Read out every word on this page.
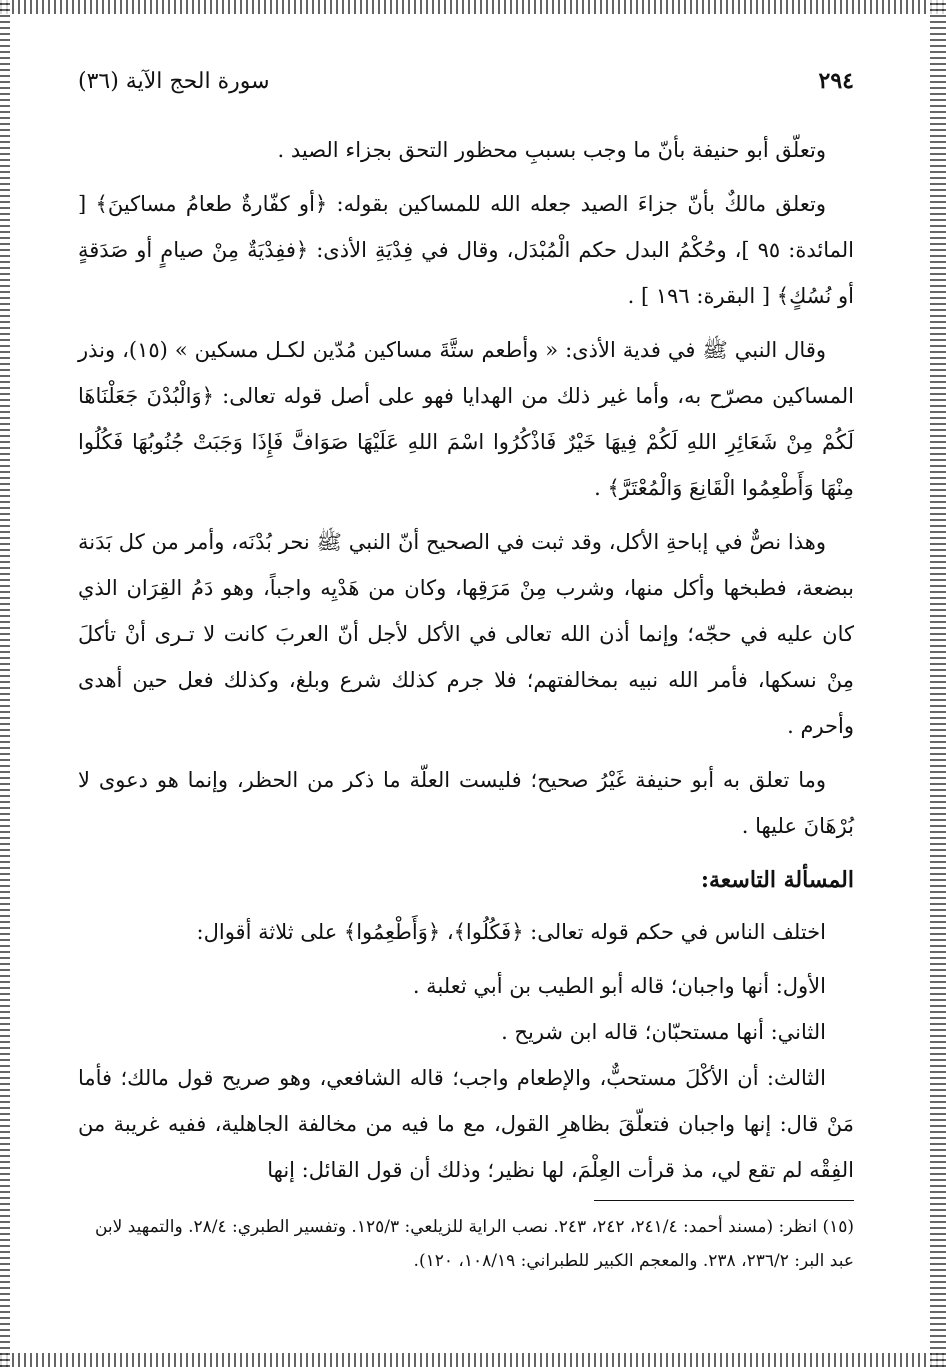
٢٩٤
سورة الحج الآية (٣٦)

وتعلّق أبو حنيفة بأنّ ما وجب بسببِ محظور التحق بجزاء الصيد .

وتعلق مالكٌ بأنّ جزاءَ الصيد جعله الله للمساكين بقوله: ﴿أو كفّارةٌ طعامُ مساكينَ﴾ [ المائدة: ٩٥ ]، وحُكْمُ البدل حكم الْمُبْدَل، وقال في فِدْيَةِ الأذى: ﴿ففِدْيَةٌ مِنْ صيامٍ أو صَدَقةٍ أو نُسُكٍ﴾ [ البقرة: ١٩٦ ] .

وقال النبي ﷺ في فدية الأذى: « وأطعم ستَّةَ مساكين مُدّين لكـل مسكين » (١٥)، ونذر المساكين مصرّح به، وأما غير ذلك من الهدايا فهو على أصل قوله تعالى: ﴿وَالْبُدْنَ جَعَلْنَاهَا لَكُمْ مِنْ شَعَائِرِ اللهِ لَكُمْ فِيهَا خَيْرٌ فَاذْكُرُوا اسْمَ اللهِ عَلَيْهَا صَوَافَّ فَإِذَا وَجَبَتْ جُنُوبُهَا فَكُلُوا مِنْهَا وَأَطْعِمُوا الْقَانِعَ وَالْمُعْتَرَّ﴾ .

وهذا نصٌّ في إباحةِ الأكل، وقد ثبت في الصحيح أنّ النبي ﷺ نحر بُدْنَه، وأمر من كل بَدَنة ببضعة، فطبخها وأكل منها، وشرب مِنْ مَرَقِها، وكان من هَدْيِه واجباً، وهو دَمُ القِرَان الذي كان عليه في حجّه؛ وإنما أذن الله تعالى في الأكل لأجل أنّ العربَ كانت لا تـرى أنْ تأكلَ مِنْ نسكها، فأمر الله نبيه بمخالفتهم؛ فلا جرم كذلك شرع وبلغ، وكذلك فعل حين أهدى وأحرم .

وما تعلق به أبو حنيفة غَيْرُ صحيح؛ فليست العلّة ما ذكر من الحظر، وإنما هو دعوى لا بُرْهَانَ عليها .

المسألة التاسعة:

اختلف الناس في حكم قوله تعالى: ﴿فَكُلُوا﴾، ﴿وَأَطْعِمُوا﴾ على ثلاثة أقوال:

الأول: أنها واجبان؛ قاله أبو الطيب بن أبي ثعلبة .

الثاني: أنها مستحبّان؛ قاله ابن شريح .

الثالث: أن الأكْلَ مستحبٌّ، والإطعام واجب؛ قاله الشافعي، وهو صريح قول مالك؛ فأما مَنْ قال: إنها واجبان فتعلّقَ بظاهرِ القول، مع ما فيه من مخالفة الجاهلية، ففيه غريبة من الفِقْه لم تقع لي، مذ قرأت العِلْمَ، لها نظير؛ وذلك أن قول القائل: إنها

(١٥) انظر: (مسند أحمد: ٢٤١/٤، ٢٤٢، ٢٤٣. نصب الراية للزيلعي: ١٢٥/٣. وتفسير الطبري: ٢٨/٤. والتمهيد لابن عبد البر: ٢٣٦/٢، ٢٣٨. والمعجم الكبير للطبراني: ١٠٨/١٩، ١٢٠).
